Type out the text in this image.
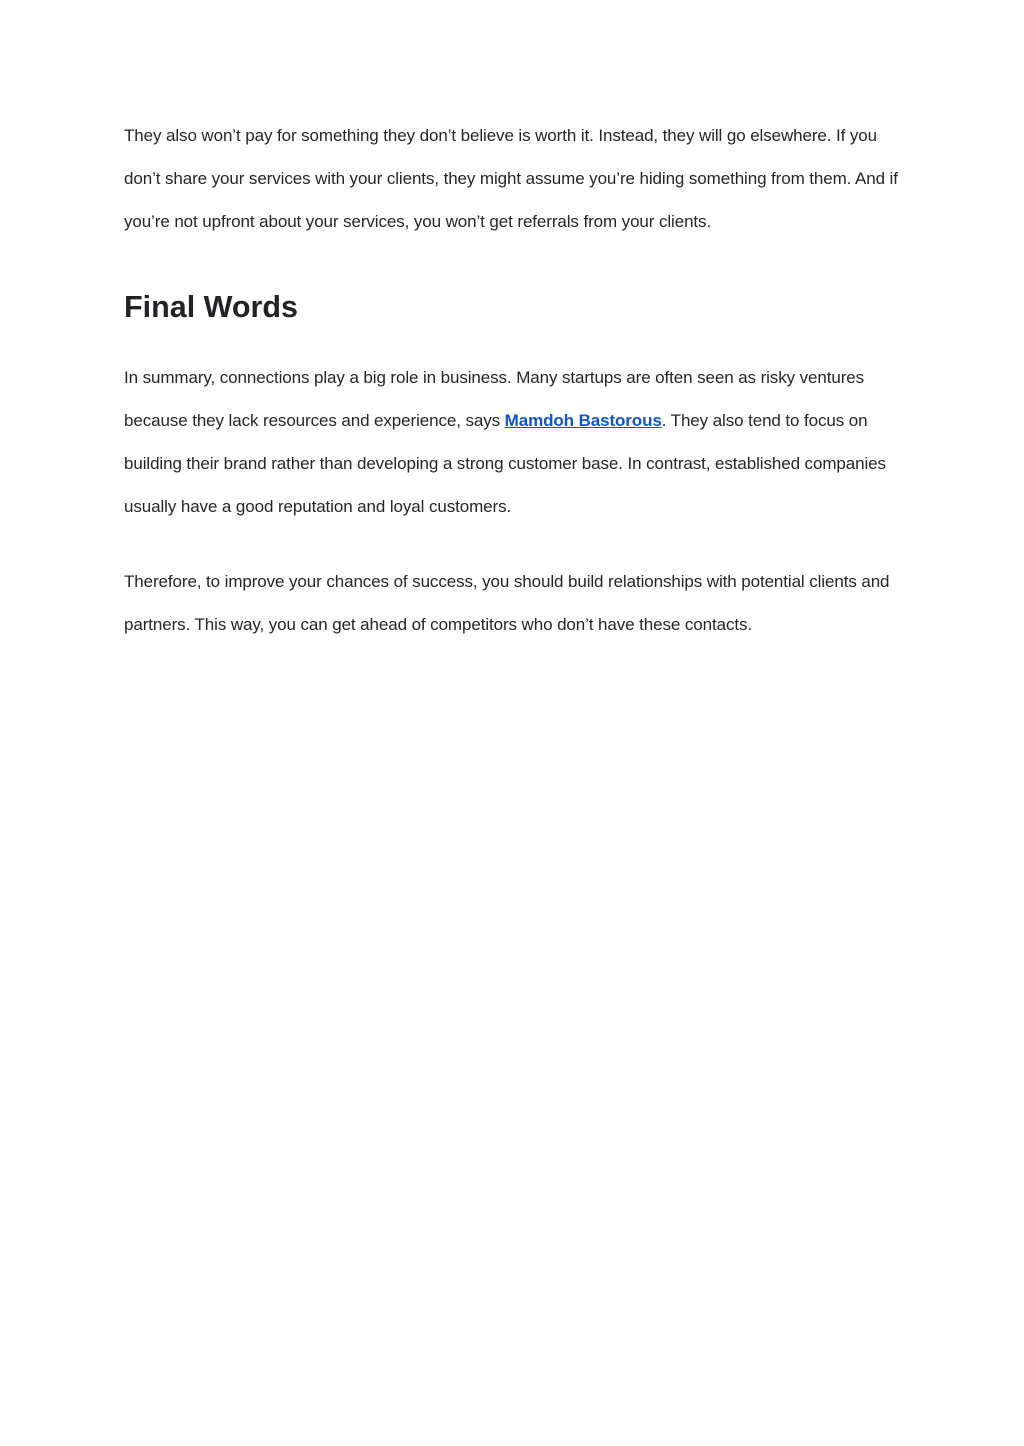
They also won’t pay for something they don’t believe is worth it. Instead, they will go elsewhere. If you don’t share your services with your clients, they might assume you’re hiding something from them. And if you’re not upfront about your services, you won’t get referrals from your clients.

Final Words

In summary, connections play a big role in business. Many startups are often seen as risky ventures because they lack resources and experience, says Mamdoh Bastorous. They also tend to focus on building their brand rather than developing a strong customer base. In contrast, established companies usually have a good reputation and loyal customers.

Therefore, to improve your chances of success, you should build relationships with potential clients and partners. This way, you can get ahead of competitors who don’t have these contacts.
